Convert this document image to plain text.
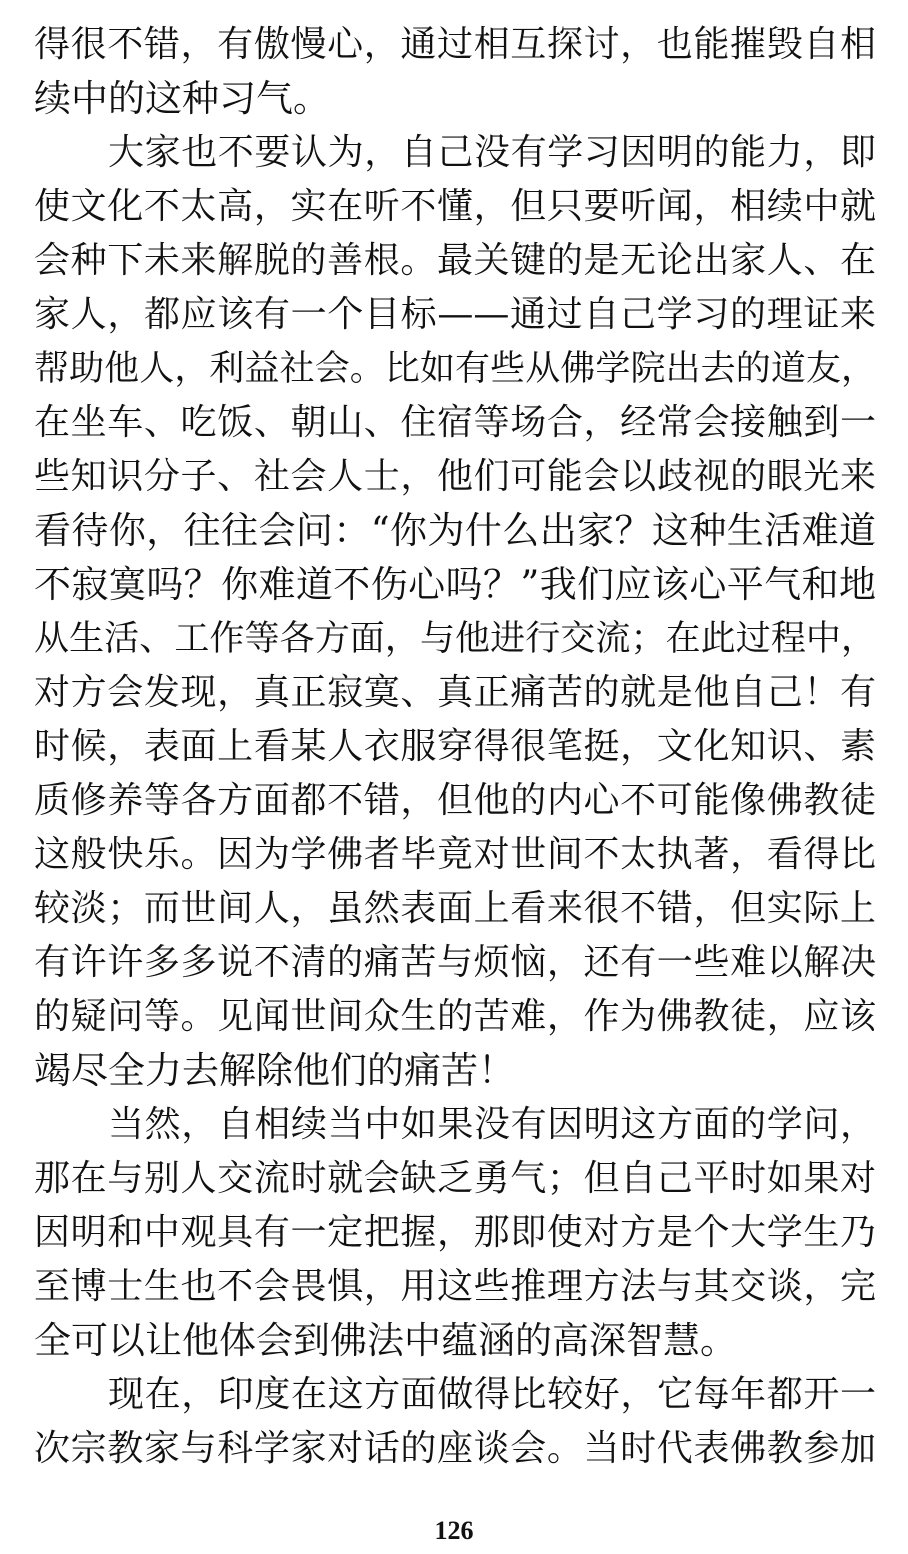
得很不错，有傲慢心，通过相互探讨，也能摧毁自相
续中的这种习气。
大家也不要认为，自己没有学习因明的能力，即
使文化不太高，实在听不懂，但只要听闻，相续中就
会种下未来解脱的善根。最关键的是无论出家人、在
家人，都应该有一个目标——通过自己学习的理证来
帮助他人，利益社会。比如有些从佛学院出去的道友，
在坐车、吃饭、朝山、住宿等场合，经常会接触到一
些知识分子、社会人士，他们可能会以歧视的眼光来
看待你，往往会问：“你为什么出家？这种生活难道
不寂寞吗？你难道不伤心吗？”我们应该心平气和地
从生活、工作等各方面，与他进行交流；在此过程中，
对方会发现，真正寂寞、真正痛苦的就是他自己！有
时候，表面上看某人衣服穿得很笔挺，文化知识、素
质修养等各方面都不错，但他的内心不可能像佛教徒
这般快乐。因为学佛者毕竟对世间不太执著，看得比
较淡；而世间人，虽然表面上看来很不错，但实际上
有许许多多说不清的痛苦与烦恼，还有一些难以解决
的疑问等。见闻世间众生的苦难，作为佛教徒，应该
竭尽全力去解除他们的痛苦！
当然，自相续当中如果没有因明这方面的学问，
那在与别人交流时就会缺乏勇气；但自己平时如果对
因明和中观具有一定把握，那即使对方是个大学生乃
至博士生也不会畏惧，用这些推理方法与其交谈，完
全可以让他体会到佛法中蕴涵的高深智慧。
现在，印度在这方面做得比较好，它每年都开一
次宗教家与科学家对话的座谈会。当时代表佛教参加
126
